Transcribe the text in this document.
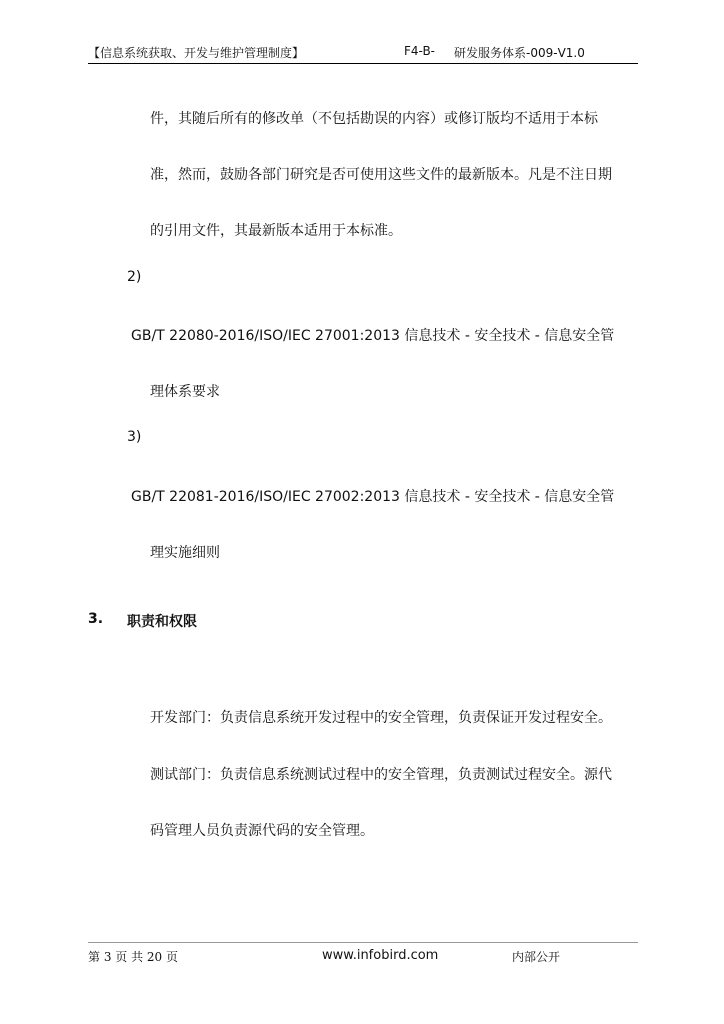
【信息系统获取、开发与维护管理制度】	F4-B- 研发服务体系-009-V1.0
件，其随后所有的修改单（不包括勘误的内容）或修订版均不适用于本标
准，然而，鼓励各部门研究是否可使用这些文件的最新版本。凡是不注日期
的引用文件，其最新版本适用于本标准。
2)
GB/T 22080-2016/ISO/IEC 27001:2013 信息技术 - 安全技术 - 信息安全管
理体系要求
3)
GB/T 22081-2016/ISO/IEC 27002:2013 信息技术 - 安全技术 - 信息安全管
理实施细则
3. 职责和权限
开发部门：负责信息系统开发过程中的安全管理，负责保证开发过程安全。
测试部门：负责信息系统测试过程中的安全管理，负责测试过程安全。源代
码管理人员负责源代码的安全管理。
第 3 页 共 20 页	www.infobird.com	内部公开
